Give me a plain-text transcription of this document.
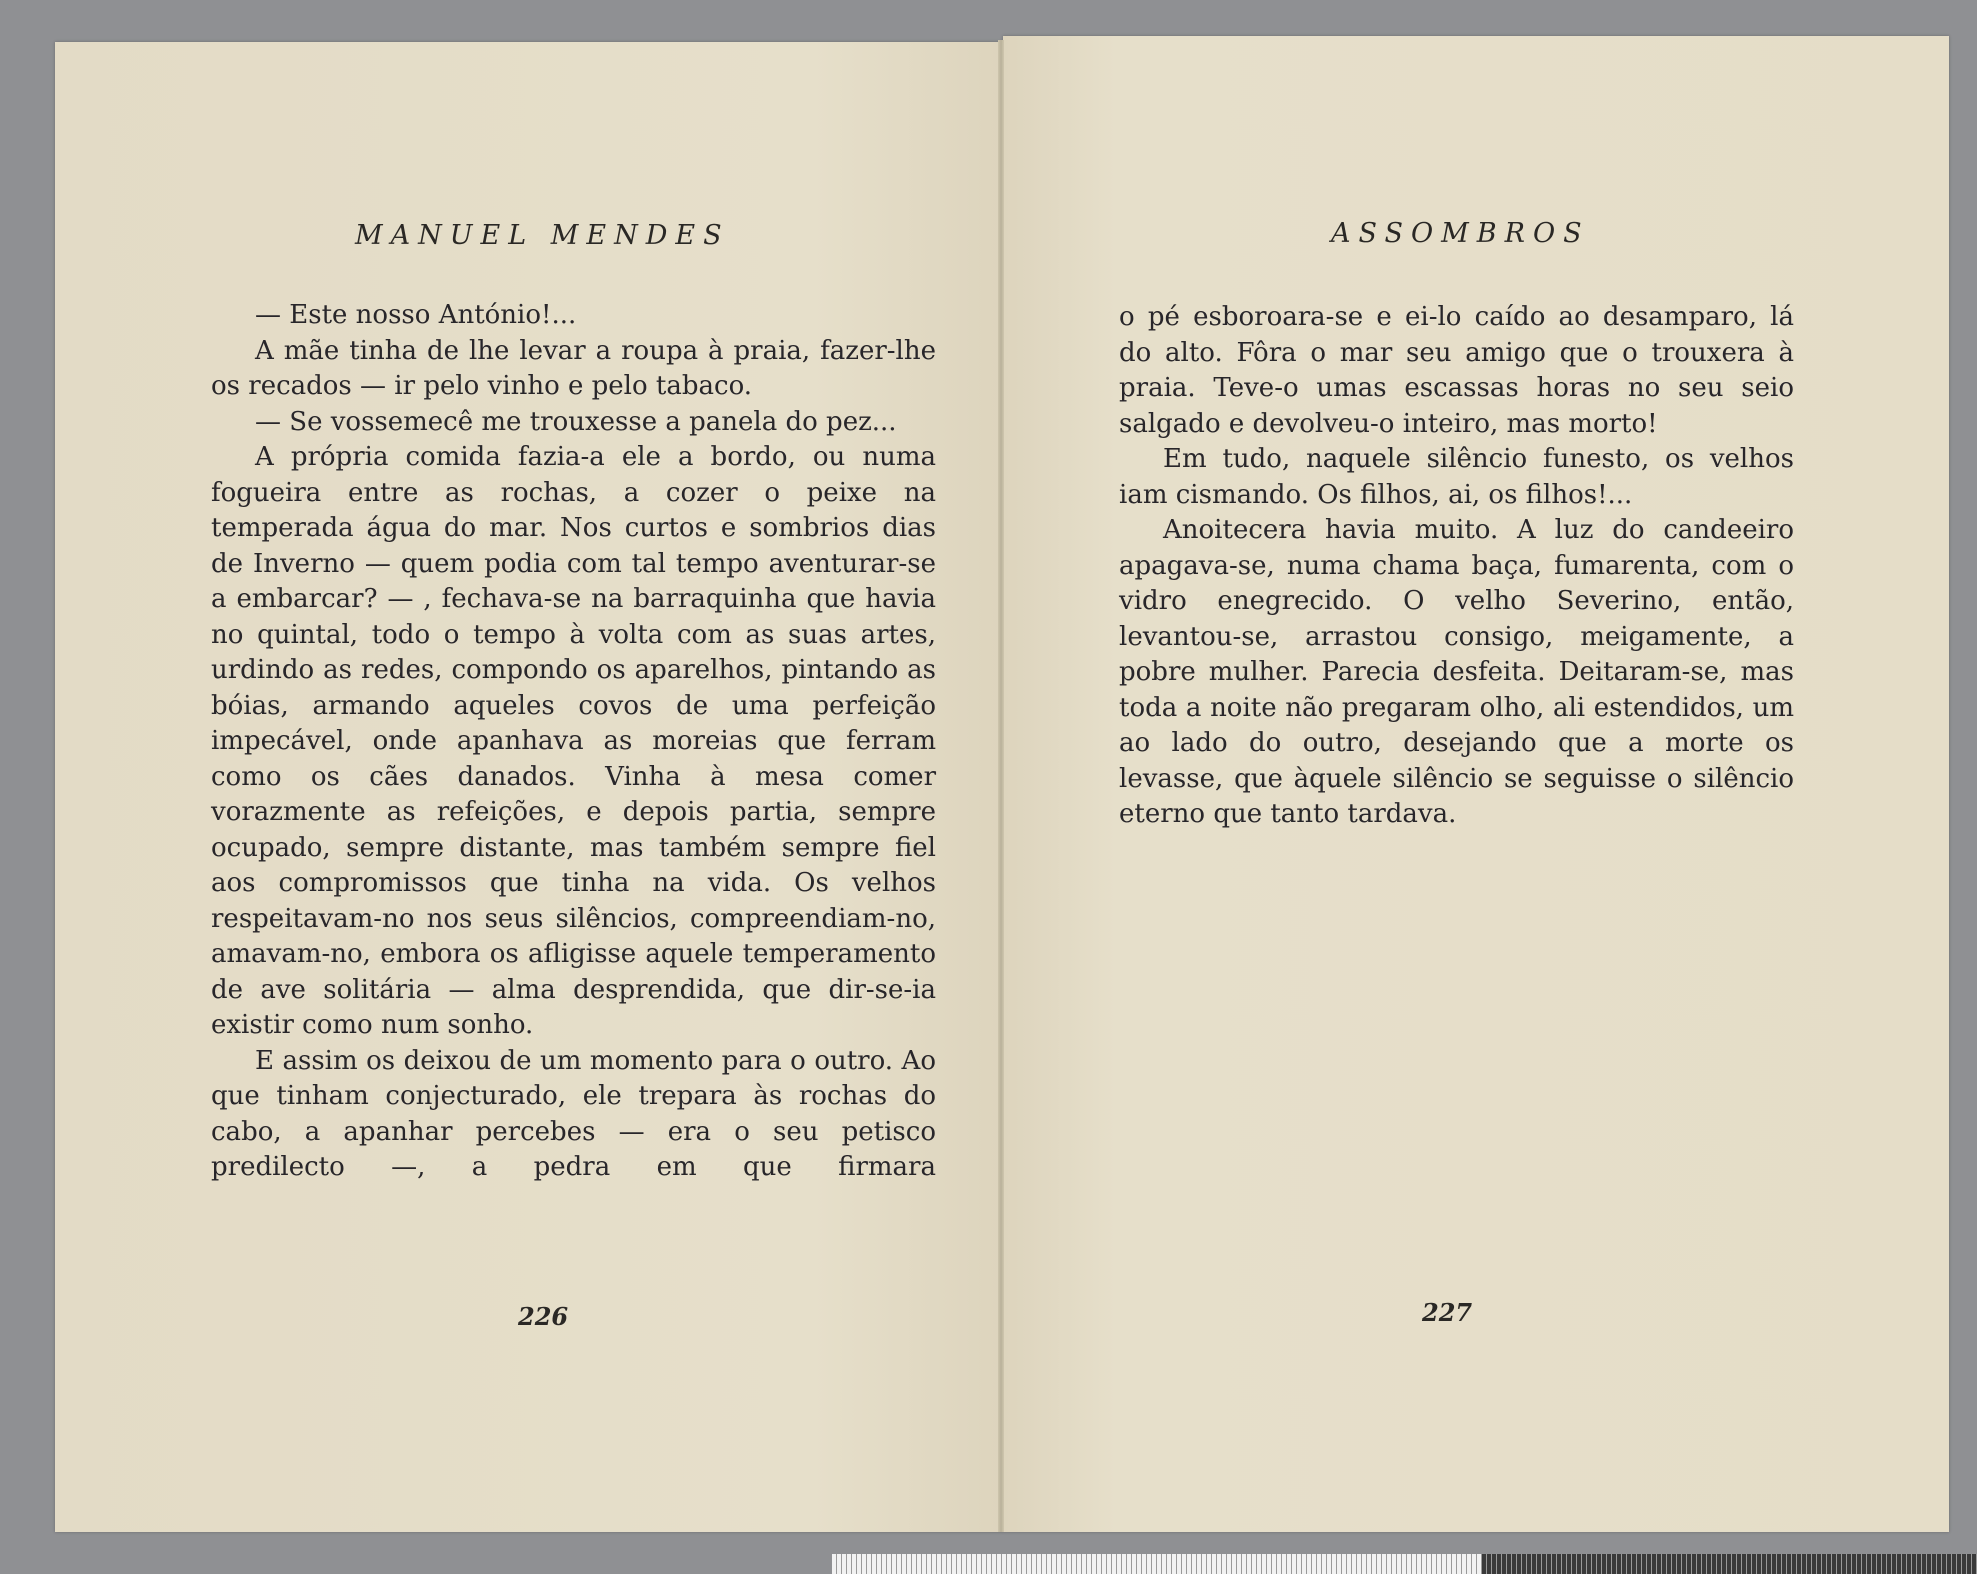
MANUEL MENDES

— Este nosso António!...

A mãe tinha de lhe levar a roupa à praia, fazer-lhe os recados — ir pelo vinho e pelo tabaco.

— Se vossemecê me trouxesse a panela do pez...

A própria comida fazia-a ele a bordo, ou numa fogueira entre as rochas, a cozer o peixe na temperada água do mar. Nos curtos e sombrios dias de Inverno — quem podia com tal tempo aventurar-se a embarcar? — , fechava-se na barraquinha que havia no quintal, todo o tempo à volta com as suas artes, urdindo as redes, compondo os aparelhos, pintando as bóias, armando aqueles covos de uma perfeição impecável, onde apanhava as moreias que ferram como os cães danados. Vinha à mesa comer vorazmente as refeições, e depois partia, sempre ocupado, sempre distante, mas também sempre fiel aos compromissos que tinha na vida. Os velhos respeitavam-no nos seus silêncios, compreendiam-no, amavam-no, embora os afligisse aquele temperamento de ave solitária — alma desprendida, que dir-se-ia existir como num sonho.

E assim os deixou de um momento para o outro. Ao que tinham conjecturado, ele trepara às rochas do cabo, a apanhar percebes — era o seu petisco predilecto —, a pedra em que firmara

226
ASSOMBROS

o pé esboroara-se e ei-lo caído ao desamparo, lá do alto. Fôra o mar seu amigo que o trouxera à praia. Teve-o umas escassas horas no seu seio salgado e devolveu-o inteiro, mas morto!

Em tudo, naquele silêncio funesto, os velhos iam cismando. Os filhos, ai, os filhos!...

Anoitecera havia muito. A luz do candeeiro apagava-se, numa chama baça, fumarenta, com o vidro enegrecido. O velho Severino, então, levantou-se, arrastou consigo, meigamente, a pobre mulher. Parecia desfeita. Deitaram-se, mas toda a noite não pregaram olho, ali estendidos, um ao lado do outro, desejando que a morte os levasse, que àquele silêncio se seguisse o silêncio eterno que tanto tardava.

227
